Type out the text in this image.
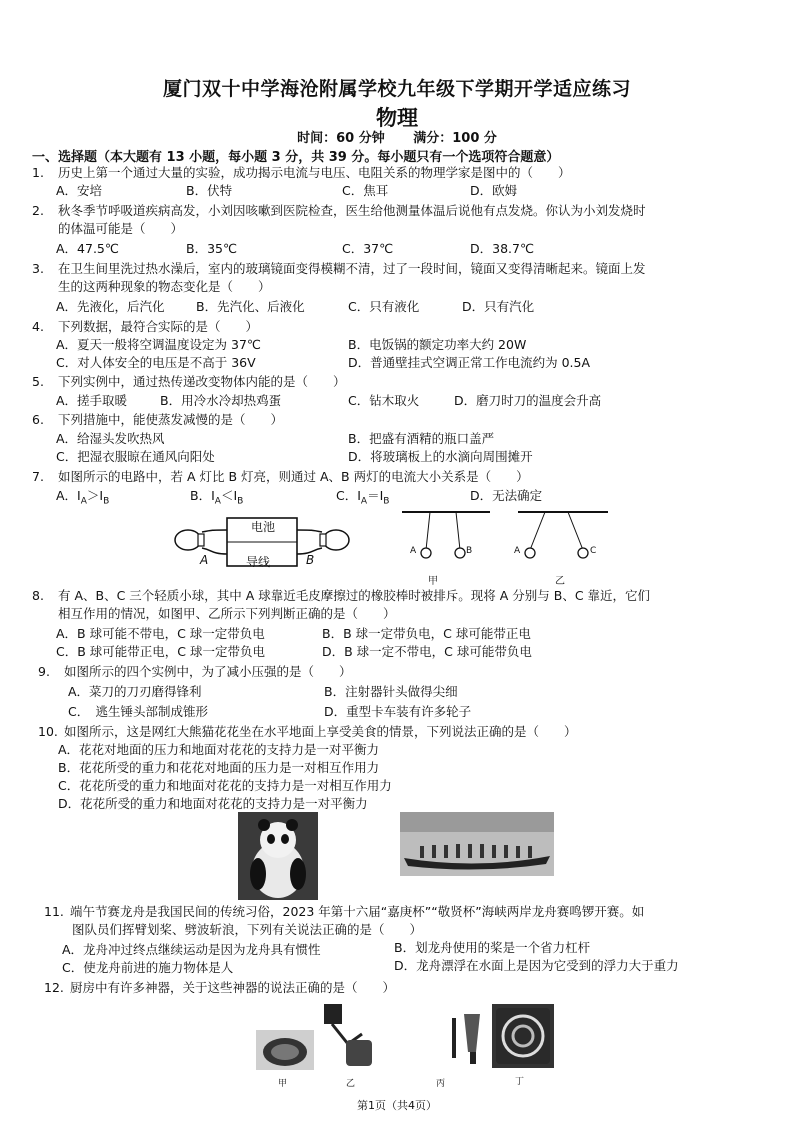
厦门双十中学海沧附属学校九年级下学期开学适应练习
物理
时间：60 分钟 满分：100 分
一、选择题（本大题有 13 小题，每小题 3 分，共 39 分。每小题只有一个选项符合题意）
1. 历史上第一个通过大量的实验，成功揭示电流与电压、电阻关系的物理学家是图中的（　　）
A．安培	B．伏特	C．焦耳	D．欧姆
2. 秋冬季节呼吸道疾病高发，小刘因咳嗽到医院检查，医生给他测量体温后说他有点发烧。你认为小刘发烧时
的体温可能是（　　）
A．47.5℃	B．35℃	C．37℃	D．38.7℃
3. 在卫生间里洗过热水澡后，室内的玻璃镜面变得模糊不清，过了一段时间，镜面又变得清晰起来。镜面上发
生的这两种现象的物态变化是（　　）
A．先液化，后汽化	B．先汽化、后液化	C．只有液化	D．只有汽化
4. 下列数据，最符合实际的是（　　）
A．夏天一般将空调温度设定为 37℃	B．电饭锅的额定功率大约 20W
C．对人体安全的电压是不高于 36V	D．普通壁挂式空调正常工作电流约为 0.5A
5. 下列实例中，通过热传递改变物体内能的是（　　）
A．搓手取暖	B．用冷水冷却热鸡蛋	C．钻木取火	D．磨刀时刀的温度会升高
6. 下列措施中，能使蒸发减慢的是（　　）
A．给湿头发吹热风	B．把盛有酒精的瓶口盖严
C．把湿衣服晾在通风向阳处	D．将玻璃板上的水滴向周围摊开
7. 如图所示的电路中，若 A 灯比 B 灯亮，则通过 A、B 两灯的电流大小关系是（　　）
A．$I_A>I_B$	B．$I_A<I_B$	C．$I_A=I_B$	D．无法确定
电池
导线
A	B
A	B	A	C
甲	乙
8. 有 A、B、C 三个轻质小球，其中 A 球靠近毛皮摩擦过的橡胶棒时被排斥。现将 A 分别与 B、C 靠近，它们
相互作用的情况，如图甲、乙所示下列判断正确的是（　　）
A．B 球可能不带电，C 球一定带负电	B．B 球一定带负电，C 球可能带正电
C．B 球可能带正电，C 球一定带负电	D．B 球一定不带电，C 球可能带负电
9. 如图所示的四个实例中，为了减小压强的是（　　）
A．菜刀的刀刃磨得锋利	B．注射器针头做得尖细
C．　逃生锤头部制成锥形	D．重型卡车装有许多轮子
10. 如图所示，这是网红大熊猫花花坐在水平地面上享受美食的情景，下列说法正确的是（　　）
A．花花对地面的压力和地面对花花的支持力是一对平衡力
B．花花所受的重力和花花对地面的压力是一对相互作用力
C．花花所受的重力和地面对花花的支持力是一对相互作用力
D．花花所受的重力和地面对花花的支持力是一对平衡力
11. 端午节赛龙舟是我国民间的传统习俗，2023 年第十六届“嘉庚杯”“敬贤杯”海峡两岸龙舟赛鸣锣开赛。如
图队员们挥臂划桨、劈波斩浪，下列有关说法正确的是（　　）
A．龙舟冲过终点继续运动是因为龙舟具有惯性	B．划龙舟使用的桨是一个省力杠杆
C．使龙舟前进的施力物体是人	D．龙舟漂浮在水面上是因为它受到的浮力大于重力
12. 厨房中有许多神器，关于这些神器的说法正确的是（　　）
甲	乙	丙	丁
第1页（共4页）
